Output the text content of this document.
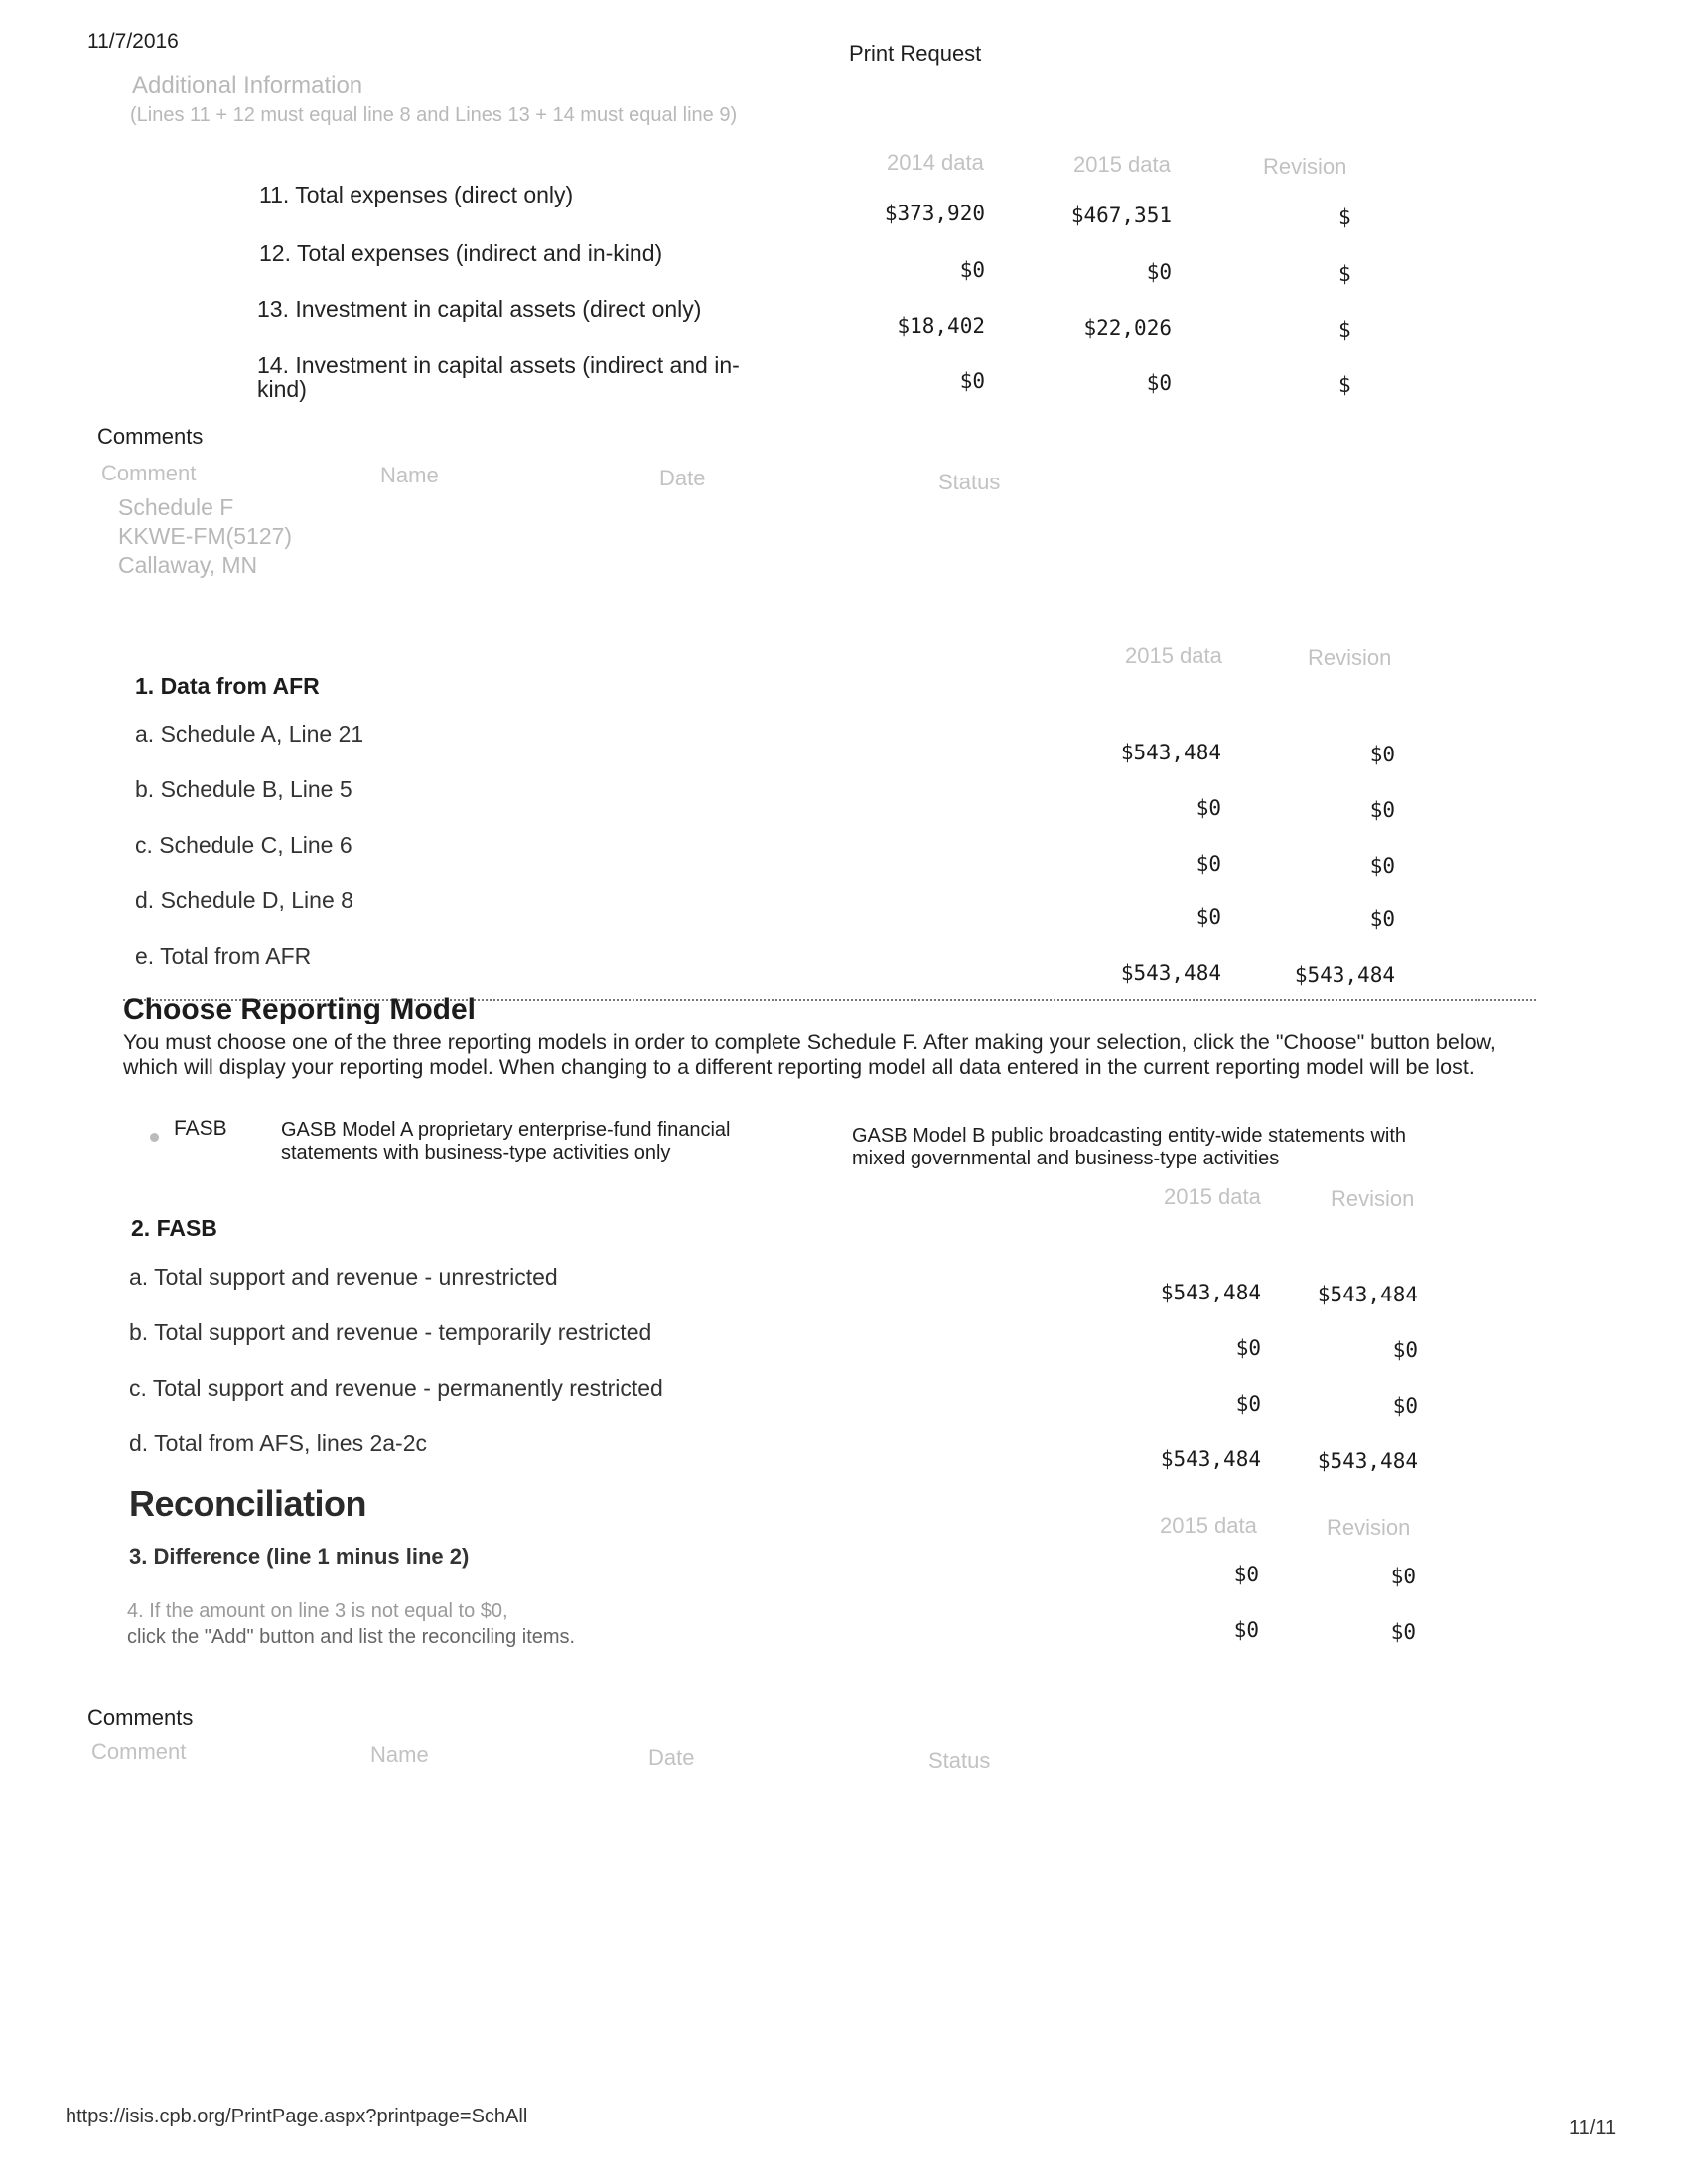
11/7/2016	Print Request
Additional Information
(Lines 11 + 12 must equal line 8 and Lines 13 + 14 must equal line 9)
2014 data	2015 data	Revision
11. Total expenses (direct only)
$373,920	$467,351	$
12. Total expenses (indirect and in-kind)
$0	$0	$
13. Investment in capital assets (direct only)
$18,402	$22,026	$
14. Investment in capital assets (indirect and in-kind)	$0	$0	$
Comments
Comment	Name	Date	Status
Schedule F
KKWE-FM(5127)
Callaway, MN
2015 data	Revision
1. Data from AFR
a. Schedule A, Line 21
$543,484	$0
b. Schedule B, Line 5
$0	$0
c. Schedule C, Line 6
$0	$0
d. Schedule D, Line 8
$0	$0
e. Total from AFR
$543,484	$543,484
Choose Reporting Model
You must choose one of the three reporting models in order to complete Schedule F. After making your selection, click the "Choose" button below, which will display your reporting model. When changing to a different reporting model all data entered in the current reporting model will be lost.
FASB	GASB Model A proprietary enterprise-fund financial statements with business-type activities only
GASB Model B public broadcasting entity-wide statements with mixed governmental and business-type activities
2015 data	Revision
2. FASB
a. Total support and revenue - unrestricted
$543,484	$543,484
b. Total support and revenue - temporarily restricted
$0	$0
c. Total support and revenue - permanently restricted
$0	$0
d. Total from AFS, lines 2a-2c
$543,484	$543,484
Reconciliation
2015 data	Revision
3. Difference (line 1 minus line 2)
$0	$0
4. If the amount on line 3 is not equal to $0,
click the "Add" button and list the reconciling items.	$0	$0
Comments
Comment	Name	Date	Status
https://isis.cpb.org/PrintPage.aspx?printpage=SchAll
11/11
